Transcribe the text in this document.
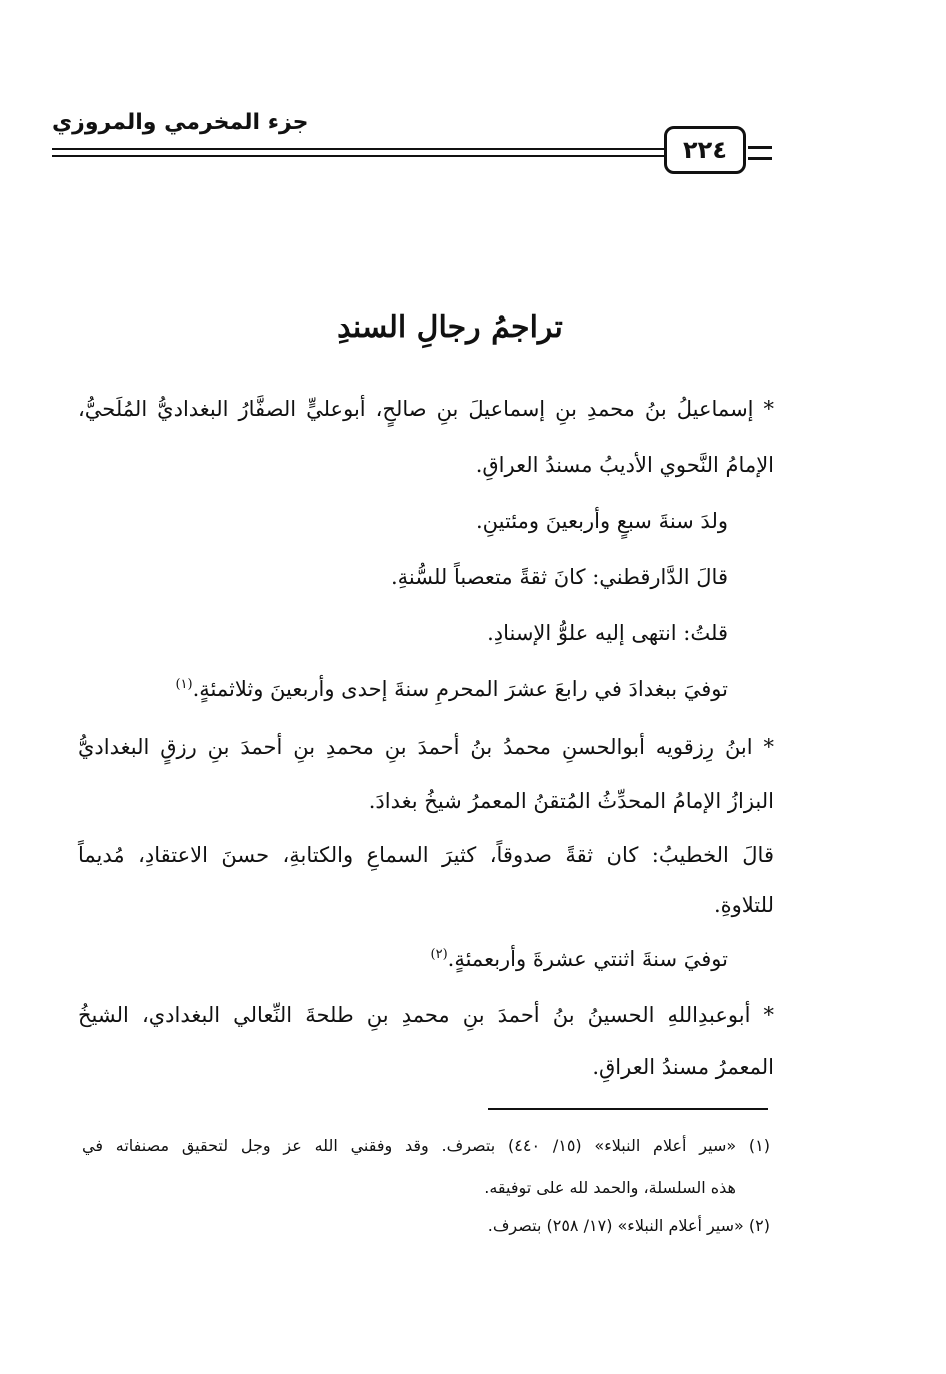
جزء المخرمي والمروزي
٢٢٤
تراجمُ رجالِ السندِ
* إسماعيلُ بنُ محمدِ بنِ إسماعيلَ بنِ صالحٍ، أبوعليٍّ الصفَّارُ البغداديُّ المُلَحيُّ،
الإمامُ النَّحوي الأديبُ مسندُ العراقِ.
ولدَ سنةَ سبعٍ وأربعينَ ومئتينِ.
قالَ الدَّارقطني: كانَ ثقةً متعصباً للسُّنةِ.
قلتُ: انتهى إليه علوُّ الإسنادِ.
توفيَ ببغدادَ في رابعَ عشرَ المحرمِ سنةَ إحدى وأربعينَ وثلاثمئةٍ.$^{(١)}$
* ابنُ رِزقويه أبوالحسنِ محمدُ بنُ أحمدَ بنِ محمدِ بنِ أحمدَ بنِ رزقٍ البغداديُّ
البزازُ الإمامُ المحدِّثُ المُتقنُ المعمرُ شيخُ بغدادَ.
قالَ الخطيبُ: كان ثقةً صدوقاً، كثيرَ السماعِ والكتابةِ، حسنَ الاعتقادِ، مُديماً
للتلاوةِ.
توفيَ سنةَ اثنتي عشرةَ وأربعمئةٍ.$^{(٢)}$
* أبوعبدِاللهِ الحسينُ بنُ أحمدَ بنِ محمدِ بنِ طلحةَ النِّعالي البغدادي، الشيخُ
المعمرُ مسندُ العراقِ.
(١) «سير أعلام النبلاء» (١٥/ ٤٤٠) بتصرف. وقد وفقني الله عز وجل لتحقيق مصنفاته في
هذه السلسلة، والحمد لله على توفيقه.
(٢) «سير أعلام النبلاء» (١٧/ ٢٥٨) بتصرف.
